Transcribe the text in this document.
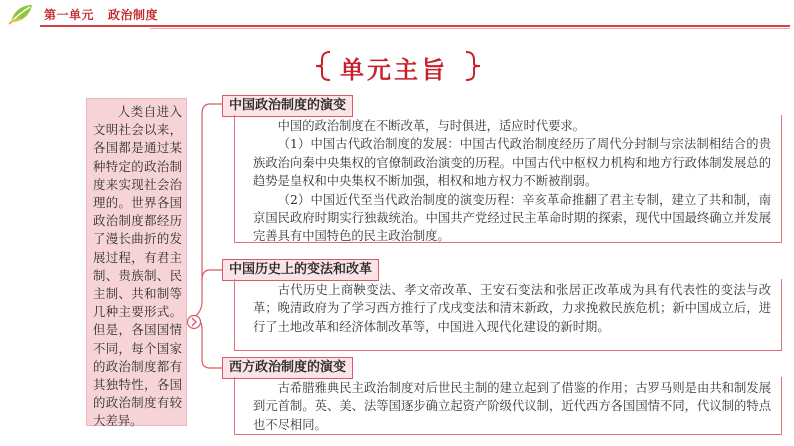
第一单元 政治制度
单元主旨
人类自进入文明社会以来，各国都是通过某种特定的政治制度来实现社会治理的。世界各国政治制度都经历了漫长曲折的发展过程，有君主制、贵族制、民主制、共和制等几种主要形式。但是，各国国情不同，每个国家的政治制度都有其独特性，各国的政治制度有较大差异。
中国政治制度的演变

中国的政治制度在不断改革，与时俱进，适应时代要求。

（1）中国古代政治制度的发展：中国古代政治制度经历了周代分封制与宗法制相结合的贵族政治向秦中央集权的官僚制政治演变的历程。中国古代中枢权力机构和地方行政体制发展总的趋势是皇权和中央集权不断加强，相权和地方权力不断被削弱。

（2）中国近代至当代政治制度的演变历程：辛亥革命推翻了君主专制，建立了共和制，南京国民政府时期实行独裁统治。中国共产党经过民主革命时期的探索，现代中国最终确立并发展完善具有中国特色的民主政治制度。

中国历史上的变法和改革

古代历史上商鞅变法、孝文帝改革、王安石变法和张居正改革成为具有代表性的变法与改革；晚清政府为了学习西方推行了戊戌变法和清末新政，力求挽救民族危机；新中国成立后，进行了土地改革和经济体制改革等，中国进入现代化建设的新时期。

西方政治制度的演变

古希腊雅典民主政治制度对后世民主制的建立起到了借鉴的作用；古罗马则是由共和制发展到元首制。英、美、法等国逐步确立起资产阶级代议制，近代西方各国国情不同，代议制的特点也不尽相同。
